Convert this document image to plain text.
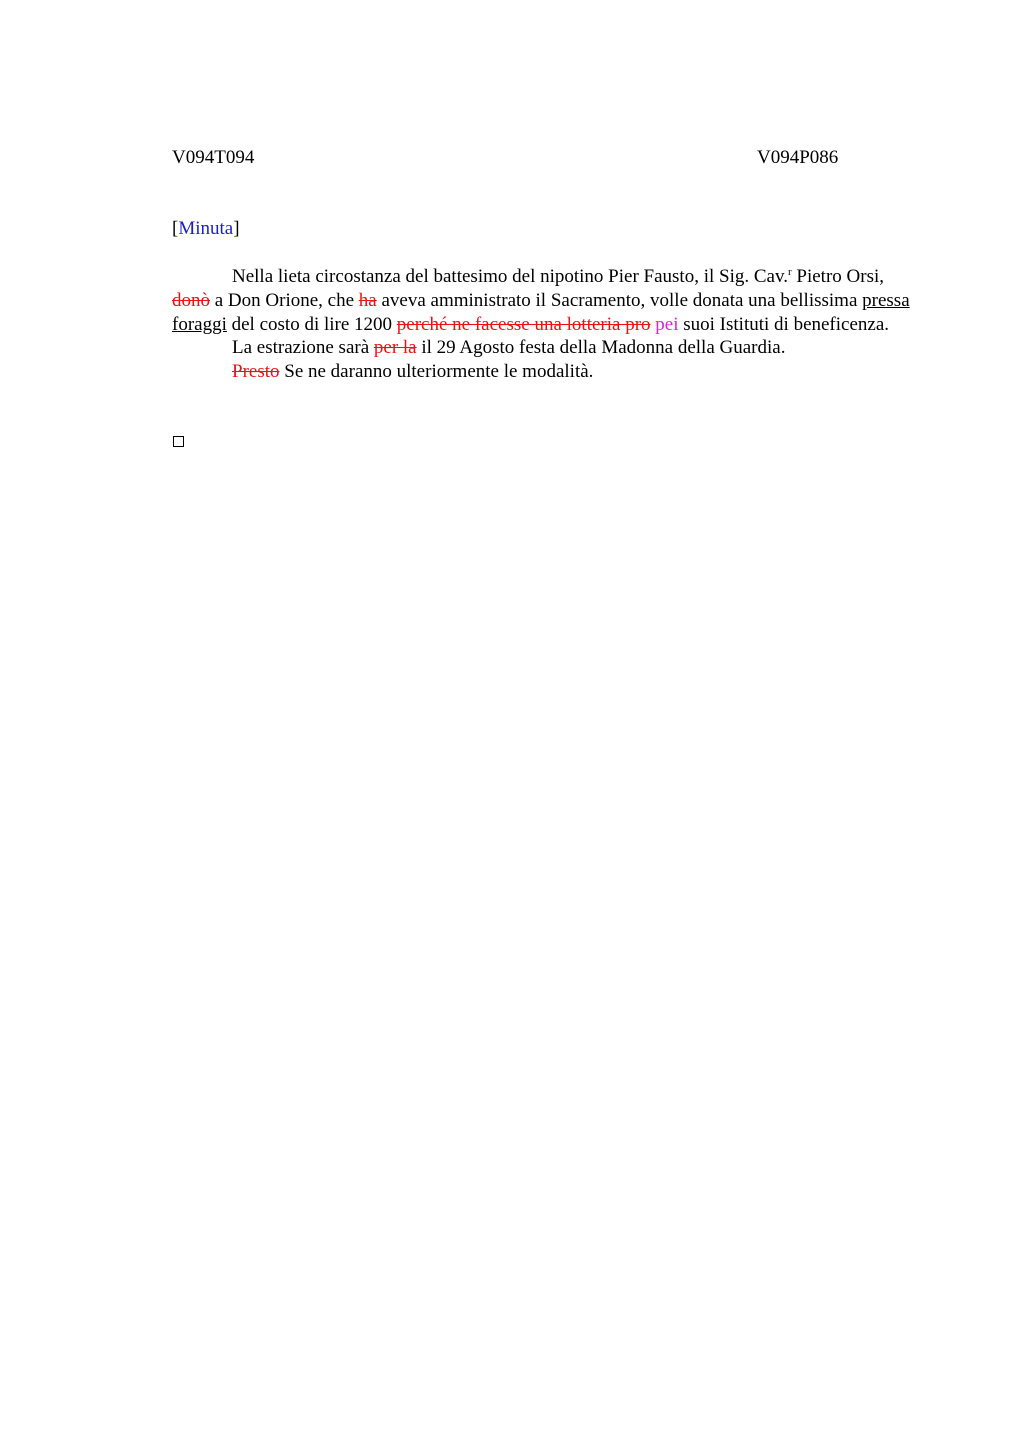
V094T094	V094P086
[Minuta]

Nella lieta circostanza del battesimo del nipotino Pier Fausto, il Sig. Cav.$^r$ Pietro Orsi, donò a Don Orione, che ha aveva amministrato il Sacramento, volle donata una bellissima pressa foraggi del costo di lire 1200 perché ne facesse una lotteria pro pei suoi Istituti di beneficenza.

La estrazione sarà per la il 29 Agosto festa della Madonna della Guardia.

Presto Se ne daranno ulteriormente le modalità.
